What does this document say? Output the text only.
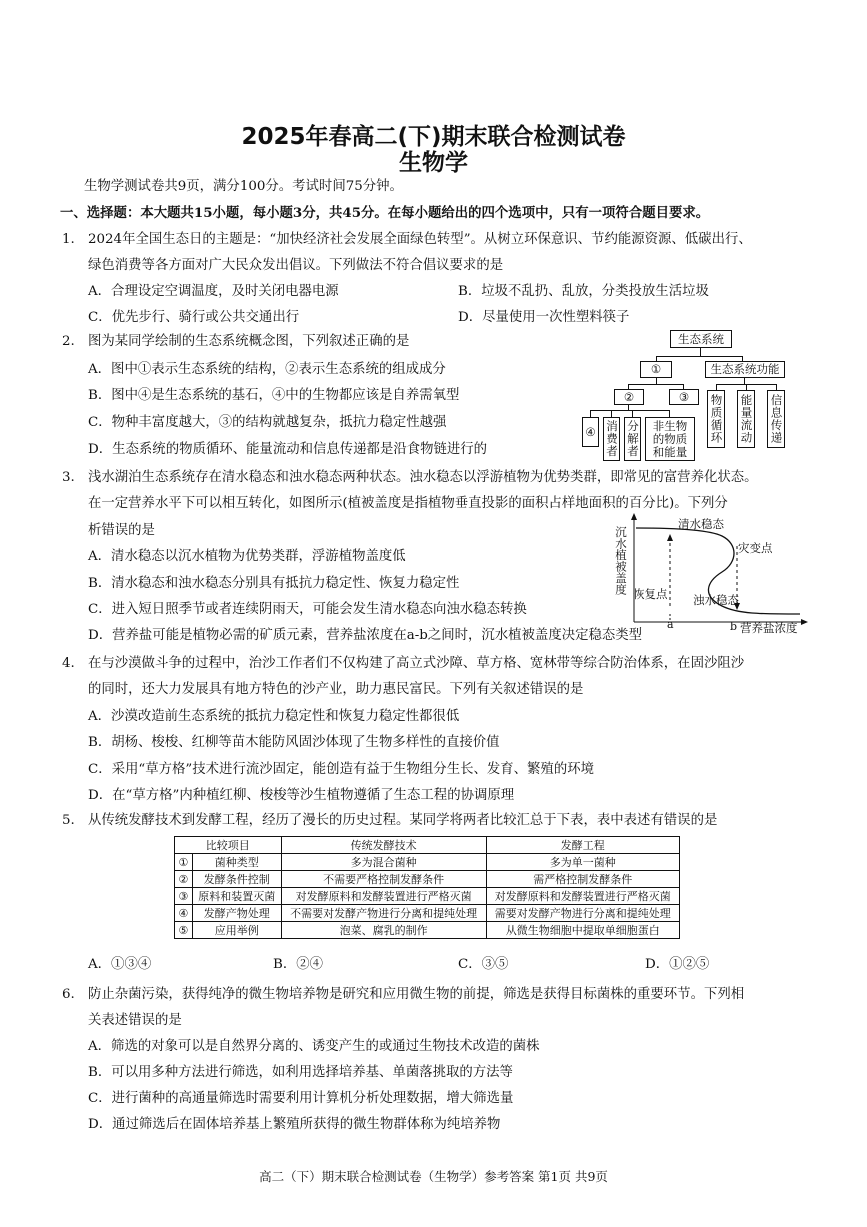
2025年春高二(下)期末联合检测试卷
生物学
生物学测试卷共9页，满分100分。考试时间75分钟。
一、选择题：本大题共15小题，每小题3分，共45分。在每小题给出的四个选项中，只有一项符合题目要求。
1. 2024年全国生态日的主题是：“加快经济社会发展全面绿色转型”。从树立环保意识、节约能源资源、低碳出行、
绿色消费等各方面对广大民众发出倡议。下列做法不符合倡议要求的是
A．合理设定空调温度，及时关闭电器电源	B．垃圾不乱扔、乱放，分类投放生活垃圾
C．优先步行、骑行或公共交通出行	D．尽量使用一次性塑料筷子
2. 图为某同学绘制的生态系统概念图，下列叙述正确的是
A．图中①表示生态系统的结构，②表示生态系统的组成成分
B．图中④是生态系统的基石，④中的生物都应该是自养需氧型
C．物种丰富度越大，③的结构就越复杂，抵抗力稳定性越强
D．生态系统的物质循环、能量流动和信息传递都是沿食物链进行的
生态系统
①	生态系统功能
②	③
④ 消费者 分解者	非生物的物质和能量
物质循环 能量流动 信息传递
3. 浅水湖泊生态系统存在清水稳态和浊水稳态两种状态。浊水稳态以浮游植物为优势类群，即常见的富营养化状态。
在一定营养水平下可以相互转化，如图所示(植被盖度是指植物垂直投影的面积占样地面积的百分比)。下列分
析错误的是
A．清水稳态以沉水植物为优势类群，浮游植物盖度低
B．清水稳态和浊水稳态分别具有抵抗力稳定性、恢复力稳定性
C．进入短日照季节或者连续阴雨天，可能会发生清水稳态向浊水稳态转换
D．营养盐可能是植物必需的矿质元素，营养盐浓度在a-b之间时，沉水植被盖度决定稳态类型
沉水植被盖度
清水稳态
灾变点
恢复点 浊水稳态
a	b 营养盐浓度
4. 在与沙漠做斗争的过程中，治沙工作者们不仅构建了高立式沙障、草方格、宽林带等综合防治体系，在固沙阻沙
的同时，还大力发展具有地方特色的沙产业，助力惠民富民。下列有关叙述错误的是
A．沙漠改造前生态系统的抵抗力稳定性和恢复力稳定性都很低
B．胡杨、梭梭、红柳等苗木能防风固沙体现了生物多样性的直接价值
C．采用“草方格”技术进行流沙固定，能创造有益于生物组分生长、发育、繁殖的环境
D．在“草方格”内种植红柳、梭梭等沙生植物遵循了生态工程的协调原理
5. 从传统发酵技术到发酵工程，经历了漫长的历史过程。某同学将两者比较汇总于下表，表中表述有错误的是
比较项目		传统发酵技术	发酵工程
①	菌种类型	多为混合菌种	多为单一菌种
②	发酵条件控制	不需要严格控制发酵条件	需严格控制发酵条件
③	原料和装置灭菌	对发酵原料和发酵装置进行严格灭菌	对发酵原料和发酵装置进行严格灭菌
④	发酵产物处理	不需要对发酵产物进行分离和提纯处理	需要对发酵产物进行分离和提纯处理
⑤	应用举例	泡菜、腐乳的制作	从微生物细胞中提取单细胞蛋白
A．①③④	B．②④	C．③⑤	D．①②⑤
6. 防止杂菌污染，获得纯净的微生物培养物是研究和应用微生物的前提，筛选是获得目标菌株的重要环节。下列相
关表述错误的是
A．筛选的对象可以是自然界分离的、诱变产生的或通过生物技术改造的菌株
B．可以用多种方法进行筛选，如利用选择培养基、单菌落挑取的方法等
C．进行菌种的高通量筛选时需要利用计算机分析处理数据，增大筛选量
D．通过筛选后在固体培养基上繁殖所获得的微生物群体称为纯培养物
高二（下）期末联合检测试卷（生物学）参考答案 第1页 共9页
